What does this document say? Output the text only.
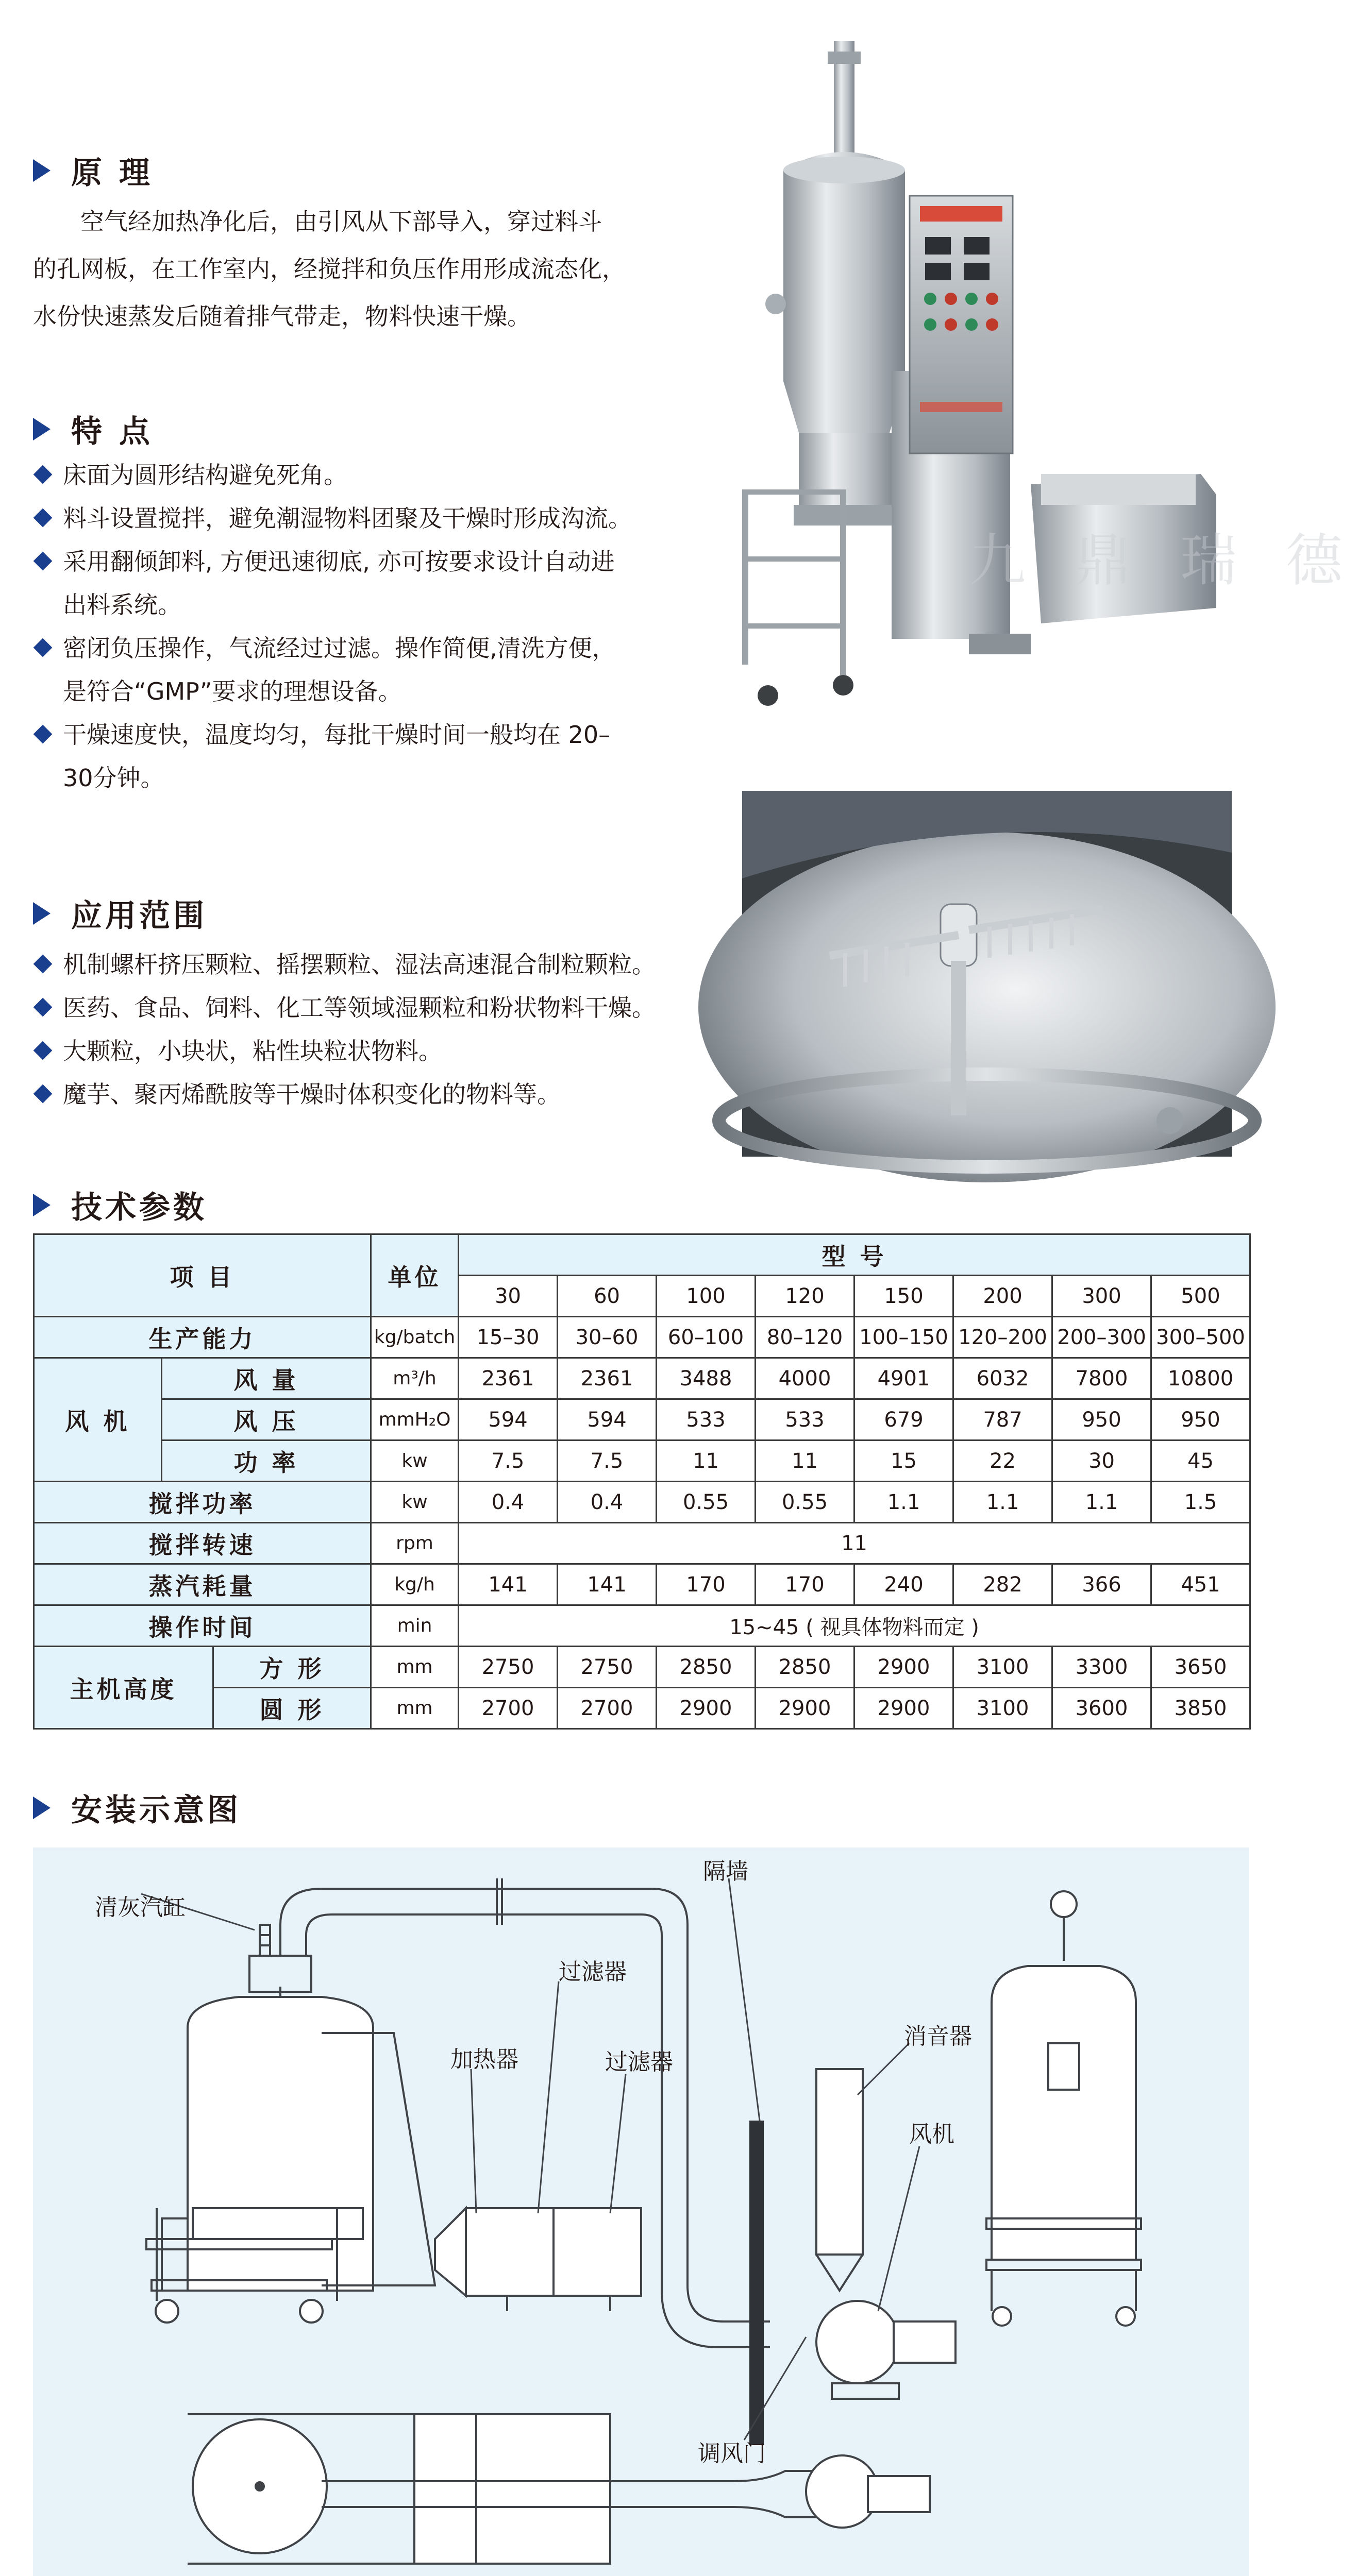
原 理
空气经加热净化后，由引风从下部导入，穿过料斗
的孔网板，在工作室内，经搅拌和负压作用形成流态化，
水份快速蒸发后随着排气带走，物料快速干燥。
特 点
床面为圆形结构避免死角。
料斗设置搅拌，避免潮湿物料团聚及干燥时形成沟流。
采用翻倾卸料, 方便迅速彻底, 亦可按要求设计自动进
出料系统。
密闭负压操作，气流经过过滤。操作简便,清洗方便，
是符合“GMP”要求的理想设备。
干燥速度快，温度均匀，每批干燥时间一般均在 20–
30分钟。
应用范围
机制螺杆挤压颗粒、摇摆颗粒、湿法高速混合制粒颗粒。
医药、食品、饲料、化工等领域湿颗粒和粉状物料干燥。
大颗粒，小块状，粘性块粒状物料。
魔芋、聚丙烯酰胺等干燥时体积变化的物料等。
九 鼎 瑞 德
技术参数
项 目			单位	型 号							
				30	60	100	120	150	200	300	500
生产能力			kg/batch	15–30	30–60	60–100	80–120	100–150	120–200	200–300	300–500
风 机	风 量		m³/h	2361	2361	3488	4000	4901	6032	7800	10800
	风 压		mmH₂O	594	594	533	533	679	787	950	950
	功 率		kw	7.5	7.5	11	11	15	22	30	45
搅拌功率			kw	0.4	0.4	0.55	0.55	1.1	1.1	1.1	1.5
搅拌转速			rpm	11							
蒸汽耗量			kg/h	141	141	170	170	240	282	366	451
操作时间			min	15~45 ( 视具体物料而定 )							
主机高度		方 形	mm	2750	2750	2850	2850	2900	3100	3300	3650
		圆 形	mm	2700	2700	2900	2900	2900	3100	3600	3850
安装示意图
清灰汽缸
隔墙
过滤器
加热器	过滤器
消音器
风机
调风门
